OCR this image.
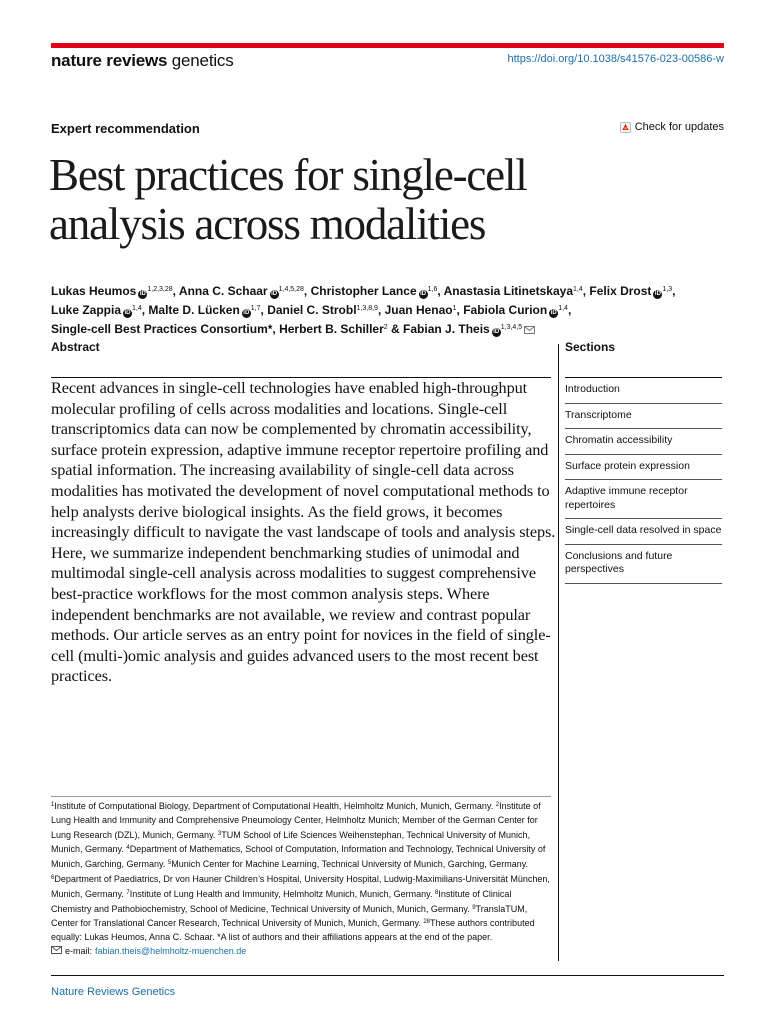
nature reviews genetics	https://doi.org/10.1038/s41576-023-00586-w
Expert recommendation	Check for updates
Best practices for single-cell
analysis across modalities
Lukas Heumos iD$^{1,2,3,28}$, Anna C. Schaar iD$^{1,4,5,28}$, Christopher Lance iD$^{1,6}$, Anastasia Litinetskaya$^{1,4}$, Felix Drost iD$^{1,3}$, Luke Zappia iD$^{1,4}$, Malte D. Lücken iD$^{1,7}$, Daniel C. Strobl$^{1,3,8,9}$, Juan Henao$^1$, Fabiola Curion iD$^{1,4}$, Single-cell Best Practices Consortium*, Herbert B. Schiller$^2$ & Fabian J. Theis iD$^{1,3,4,5}$
Abstract

Recent advances in single-cell technologies have enabled high-throughput molecular profiling of cells across modalities and locations. Single-cell transcriptomics data can now be complemented by chromatin accessibility, surface protein expression, adaptive immune receptor repertoire profiling and spatial information. The increasing availability of single-cell data across modalities has motivated the development of novel computational methods to help analysts derive biological insights. As the field grows, it becomes increasingly difficult to navigate the vast landscape of tools and analysis steps. Here, we summarize independent benchmarking studies of unimodal and multimodal single-cell analysis across modalities to suggest comprehensive best-practice workflows for the most common analysis steps. Where independent benchmarks are not available, we review and contrast popular methods. Our article serves as an entry point for novices in the field of single-cell (multi-)omic analysis and guides advanced users to the most recent best practices.

Sections
Introduction
Transcriptome
Chromatin accessibility
Surface protein expression
Adaptive immune receptor repertoires
Single-cell data resolved in space
Conclusions and future perspectives
$^1$Institute of Computational Biology, Department of Computational Health, Helmholtz Munich, Munich, Germany. $^2$Institute of Lung Health and Immunity and Comprehensive Pneumology Center, Helmholtz Munich; Member of the German Center for Lung Research (DZL), Munich, Germany. $^3$TUM School of Life Sciences Weihenstephan, Technical University of Munich, Munich, Germany. $^4$Department of Mathematics, School of Computation, Information and Technology, Technical University of Munich, Garching, Germany. $^5$Munich Center for Machine Learning, Technical University of Munich, Garching, Germany. $^6$Department of Paediatrics, Dr von Hauner Children’s Hospital, University Hospital, Ludwig-Maximilians-Universität München, Munich, Germany. $^7$Institute of Lung Health and Immunity, Helmholtz Munich, Munich, Germany. $^8$Institute of Clinical Chemistry and Pathobiochemistry, School of Medicine, Technical University of Munich, Munich, Germany. $^9$TranslaTUM, Center for Translational Cancer Research, Technical University of Munich, Munich, Germany. $^{28}$These authors contributed equally: Lukas Heumos, Anna C. Schaar. *A list of authors and their affiliations appears at the end of the paper.
e-mail: fabian.theis@helmholtz-muenchen.de
Nature Reviews Genetics
